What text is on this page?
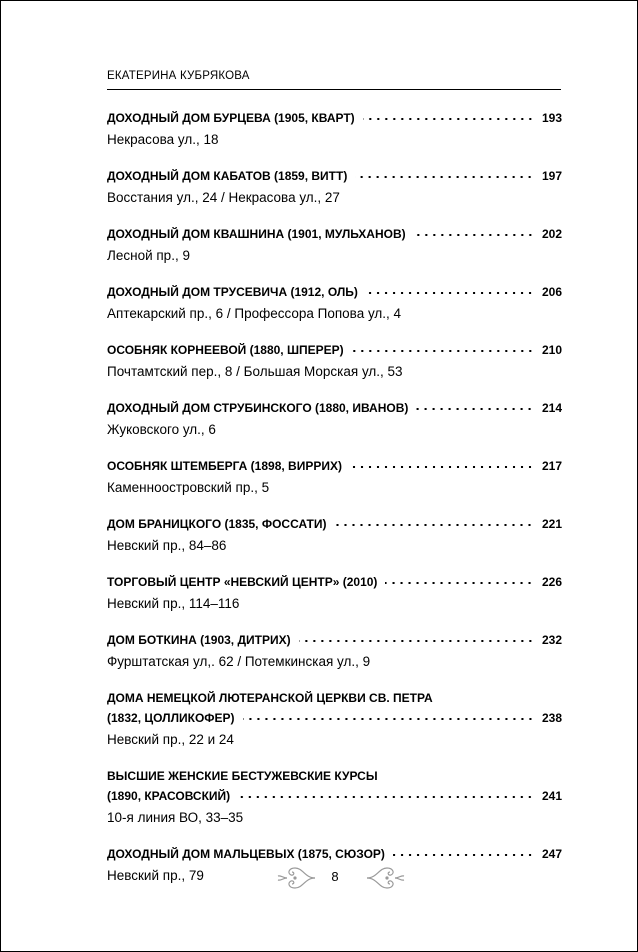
ЕКАТЕРИНА КУБРЯКОВА
ДОХОДНЫЙ ДОМ БУРЦЕВА (1905, КВАРТ)	193
Некрасова ул., 18
ДОХОДНЫЙ ДОМ КАБАТОВ (1859, ВИТТ)	197
Восстания ул., 24 / Некрасова ул., 27
ДОХОДНЫЙ ДОМ КВАШНИНА (1901, МУЛЬХАНОВ)	202
Лесной пр., 9
ДОХОДНЫЙ ДОМ ТРУСЕВИЧА (1912, ОЛЬ)	206
Аптекарский пр., 6 / Профессора Попова ул., 4
ОСОБНЯК КОРНЕЕВОЙ (1880, ШПЕРЕР)	210
Почтамтский пер., 8 / Большая Морская ул., 53
ДОХОДНЫЙ ДОМ СТРУБИНСКОГО (1880, ИВАНОВ)	214
Жуковского ул., 6
ОСОБНЯК ШТЕМБЕРГА (1898, ВИРРИХ)	217
Каменноостровский пр., 5
ДОМ БРАНИЦКОГО (1835, ФОССАТИ)	221
Невский пр., 84–86
ТОРГОВЫЙ ЦЕНТР «НЕВСКИЙ ЦЕНТР» (2010)	226
Невский пр., 114–116
ДОМ БОТКИНА (1903, ДИТРИХ)	232
Фурштатская ул,. 62 / Потемкинская ул., 9
ДОМА НЕМЕЦКОЙ ЛЮТЕРАНСКОЙ ЦЕРКВИ СВ. ПЕТРА
(1832, ЦОЛЛИКОФЕР)	238
Невский пр., 22 и 24
ВЫСШИЕ ЖЕНСКИЕ БЕСТУЖЕВСКИЕ КУРСЫ
(1890, КРАСОВСКИЙ)	241
10-я линия ВО, 33–35
ДОХОДНЫЙ ДОМ МАЛЬЦЕВЫХ (1875, СЮЗОР)	247
Невский пр., 79	8
